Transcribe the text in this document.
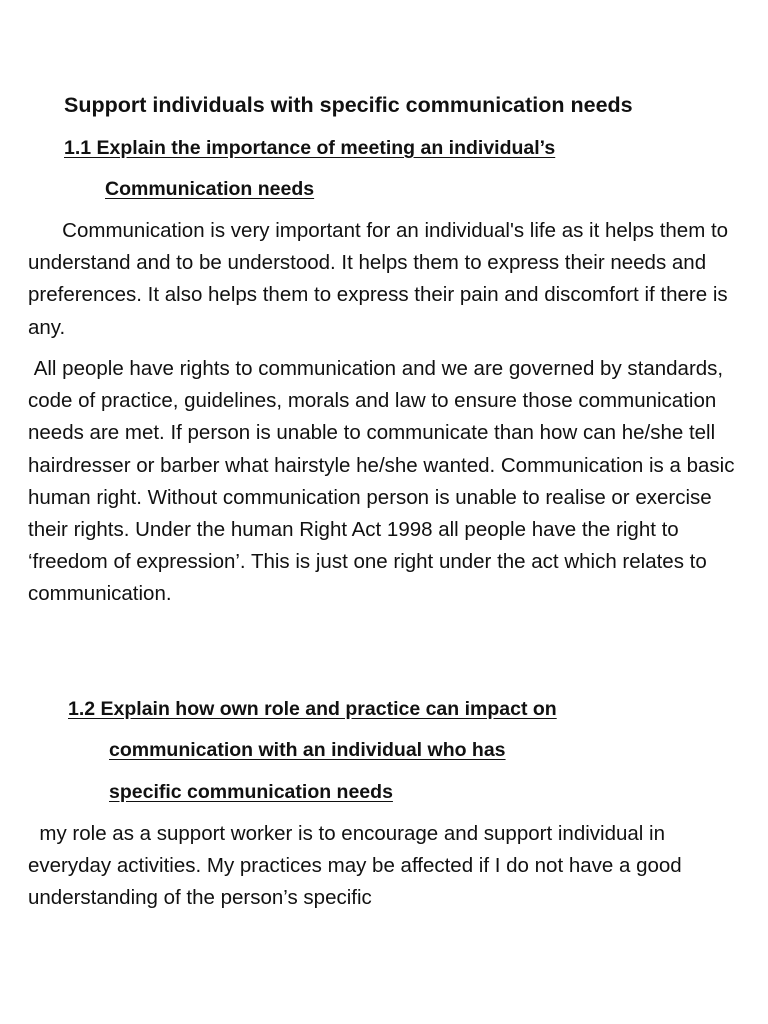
Support individuals with specific communication needs
1.1 Explain the importance of meeting an individual’s
Communication needs

Communication is very important for an individual's life as it helps them to understand and to be understood. It helps them to express their needs and preferences. It also helps them to express their pain and discomfort if there is any.

All people have rights to communication and we are governed by standards, code of practice, guidelines, morals and law to ensure those communication needs are met. If person is unable to communicate than how can he/she tell hairdresser or barber what hairstyle he/she wanted. Communication is a basic human right. Without communication person is unable to realise or exercise their rights. Under the human Right Act 1998 all people have the right to ‘freedom of expression’. This is just one right under the act which relates to communication.

1.2 Explain how own role and practice can impact on
communication with an individual who has
specific communication needs

my role as a support worker is to encourage and support individual in everyday activities. My practices may be affected if I do not have a good understanding of the person’s specific
